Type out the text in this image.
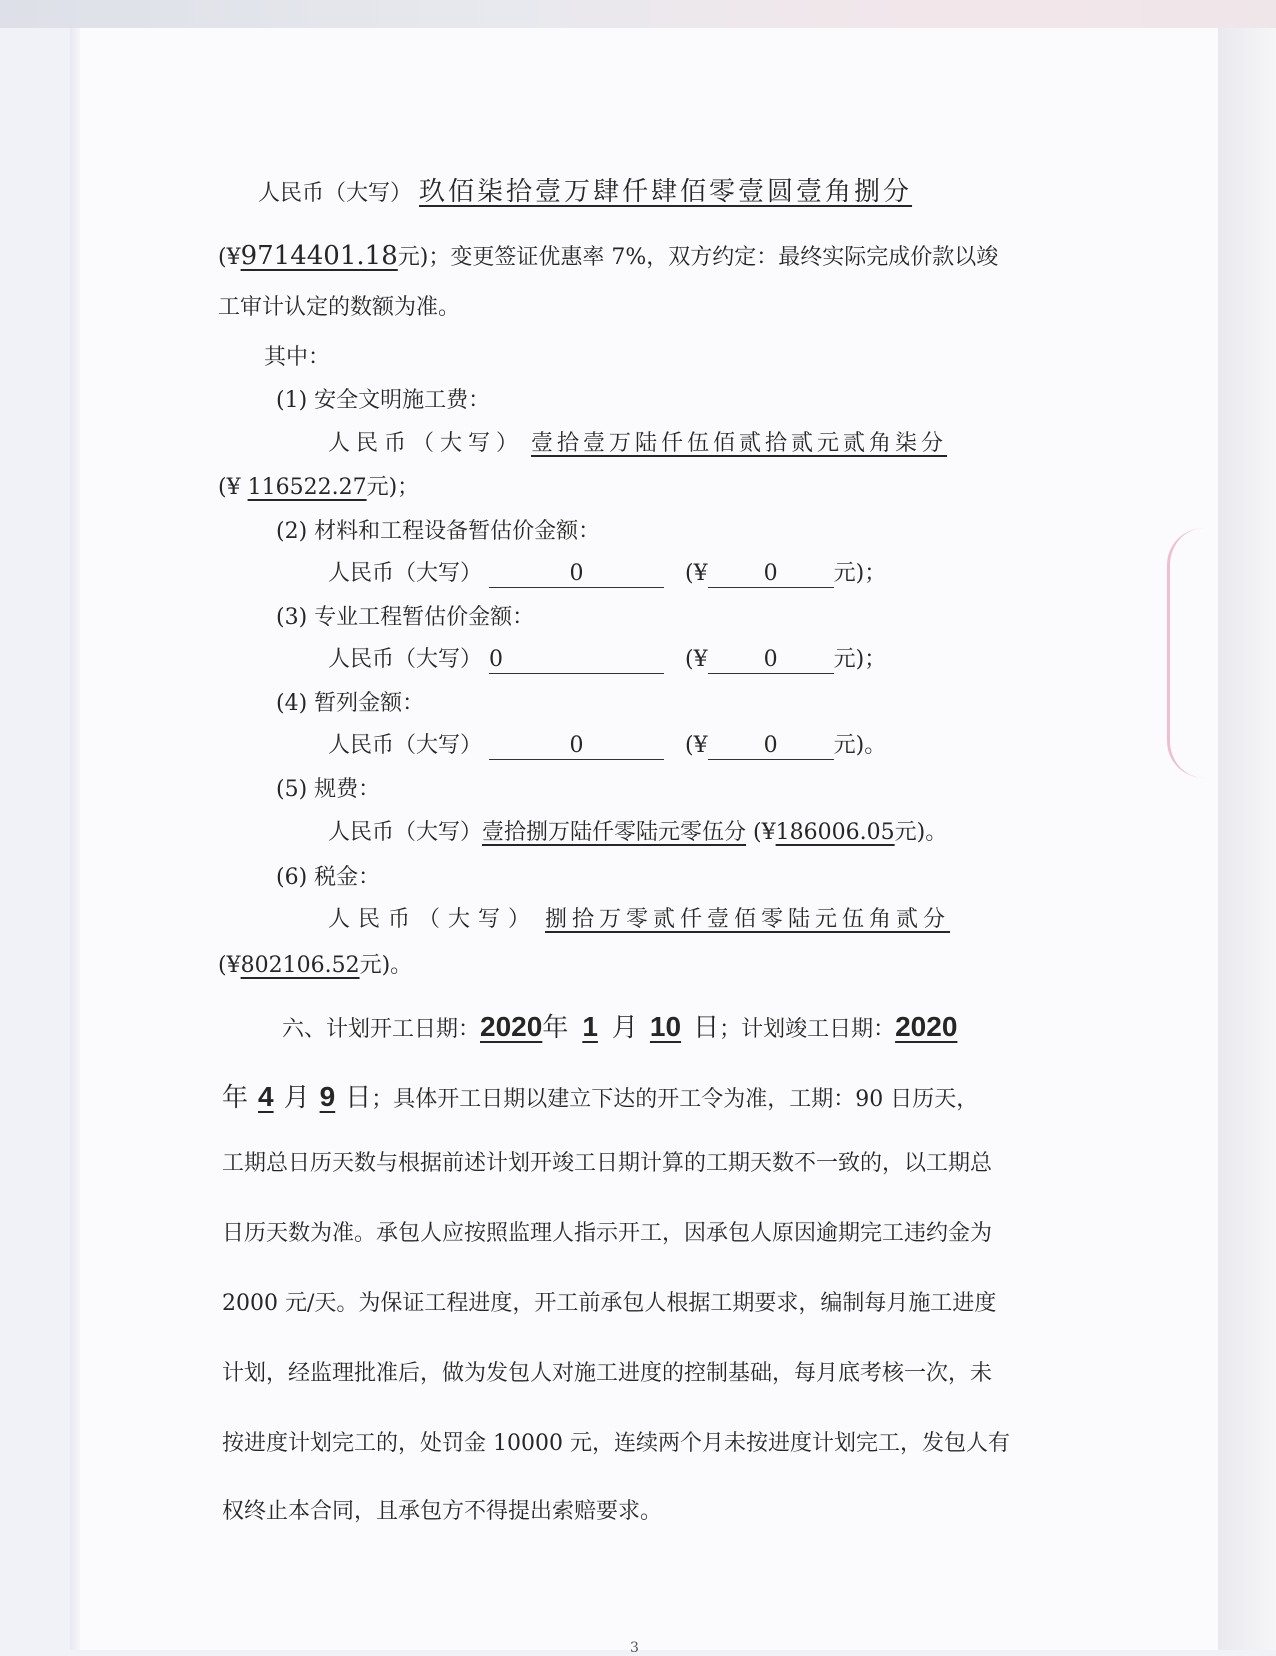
人民币（大写） 玖佰柒拾壹万肆仟肆佰零壹圆壹角捌分
(¥9714401.18元)；变更签证优惠率 7%，双方约定：最终实际完成价款以竣
工审计认定的数额为准。
其中：
(1) 安全文明施工费：
人民币（大写） 壹拾壹万陆仟伍佰贰拾贰元贰角柒分
(¥ 116522.27元)；
(2) 材料和工程设备暂估价金额：
人民币（大写）	0	(¥	0	元)；
(3) 专业工程暂估价金额：
人民币（大写） 0	(¥	0	元)；
(4) 暂列金额：
人民币（大写）	0	(¥	0	元)。
(5) 规费：
人民币（大写）壹拾捌万陆仟零陆元零伍分 (¥186006.05元)。
(6) 税金：
人民币（大写） 捌拾万零贰仟壹佰零陆元伍角贰分
(¥802106.52元)。
六、计划开工日期：2020年 1 月 10 日；计划竣工日期：2020
年 4 月 9 日；具体开工日期以建立下达的开工令为准，工期：90 日历天，
工期总日历天数与根据前述计划开竣工日期计算的工期天数不一致的，以工期总
日历天数为准。承包人应按照监理人指示开工，因承包人原因逾期完工违约金为
2000 元/天。为保证工程进度，开工前承包人根据工期要求，编制每月施工进度
计划，经监理批准后，做为发包人对施工进度的控制基础，每月底考核一次，未
按进度计划完工的，处罚金 10000 元，连续两个月未按进度计划完工，发包人有
权终止本合同，且承包方不得提出索赔要求。
3
